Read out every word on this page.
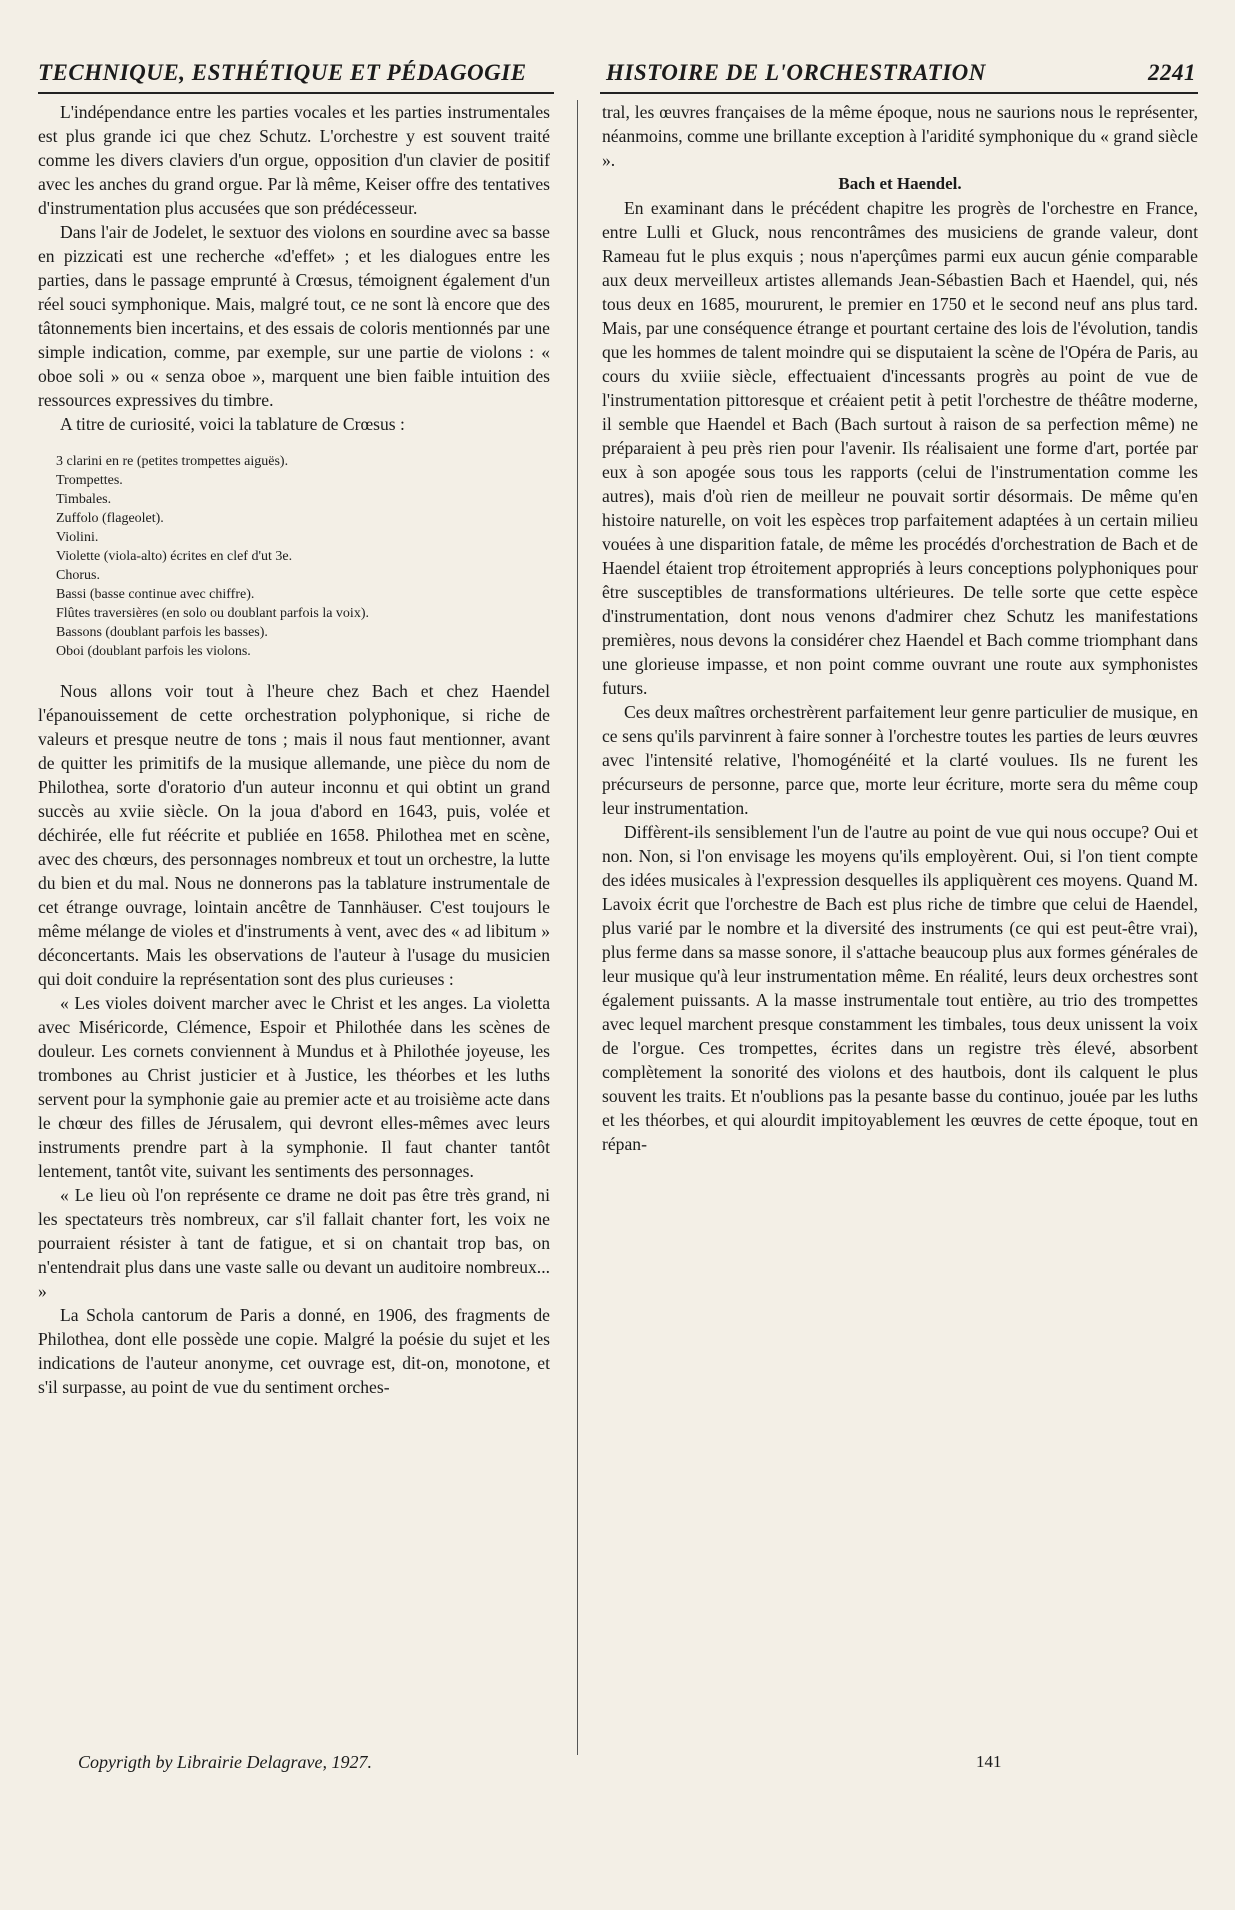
TECHNIQUE, ESTHÉTIQUE ET PÉDAGOGIE	HISTOIRE DE L'ORCHESTRATION	2241

L'indépendance entre les parties vocales et les parties instrumentales est plus grande ici que chez Schutz. L'orchestre y est souvent traité comme les divers claviers d'un orgue, opposition d'un clavier de positif avec les anches du grand orgue. Par là même, Keiser offre des tentatives d'instrumentation plus accusées que son prédécesseur.

Dans l'air de Jodelet, le sextuor des violons en sourdine avec sa basse en pizzicati est une recherche «d'effet» ; et les dialogues entre les parties, dans le passage emprunté à Crœsus, témoignent également d'un réel souci symphonique. Mais, malgré tout, ce ne sont là encore que des tâtonnements bien incertains, et des essais de coloris mentionnés par une simple indication, comme, par exemple, sur une partie de violons : « oboe soli » ou « senza oboe », marquent une bien faible intuition des ressources expressives du timbre.

A titre de curiosité, voici la tablature de Crœsus :

3 clarini en re (petites trompettes aiguës).
Trompettes.
Timbales.
Zuffolo (flageolet).
Violini.
Violette (viola-alto) écrites en clef d'ut 3e.
Chorus.
Bassi (basse continue avec chiffre).
Flûtes traversières (en solo ou doublant parfois la voix).
Bassons (doublant parfois les basses).
Oboi (doublant parfois les violons.

Nous allons voir tout à l'heure chez Bach et chez Haendel l'épanouissement de cette orchestration polyphonique, si riche de valeurs et presque neutre de tons ; mais il nous faut mentionner, avant de quitter les primitifs de la musique allemande, une pièce du nom de Philothea, sorte d'oratorio d'un auteur inconnu et qui obtint un grand succès au xviie siècle. On la joua d'abord en 1643, puis, volée et déchirée, elle fut réécrite et publiée en 1658. Philothea met en scène, avec des chœurs, des personnages nombreux et tout un orchestre, la lutte du bien et du mal. Nous ne donnerons pas la tablature instrumentale de cet étrange ouvrage, lointain ancêtre de Tannhäuser. C'est toujours le même mélange de violes et d'instruments à vent, avec des « ad libitum » déconcertants. Mais les observations de l'auteur à l'usage du musicien qui doit conduire la représentation sont des plus curieuses :

« Les violes doivent marcher avec le Christ et les anges. La violetta avec Miséricorde, Clémence, Espoir et Philothée dans les scènes de douleur. Les cornets conviennent à Mundus et à Philothée joyeuse, les trombones au Christ justicier et à Justice, les théorbes et les luths servent pour la symphonie gaie au premier acte et au troisième acte dans le chœur des filles de Jérusalem, qui devront elles-mêmes avec leurs instruments prendre part à la symphonie. Il faut chanter tantôt lentement, tantôt vite, suivant les sentiments des personnages.

« Le lieu où l'on représente ce drame ne doit pas être très grand, ni les spectateurs très nombreux, car s'il fallait chanter fort, les voix ne pourraient résister à tant de fatigue, et si on chantait trop bas, on n'entendrait plus dans une vaste salle ou devant un auditoire nombreux... »

La Schola cantorum de Paris a donné, en 1906, des fragments de Philothea, dont elle possède une copie. Malgré la poésie du sujet et les indications de l'auteur anonyme, cet ouvrage est, dit-on, monotone, et s'il surpasse, au point de vue du sentiment orches-

tral, les œuvres françaises de la même époque, nous ne saurions nous le représenter, néanmoins, comme une brillante exception à l'aridité symphonique du « grand siècle ».

Bach et Haendel.

En examinant dans le précédent chapitre les progrès de l'orchestre en France, entre Lulli et Gluck, nous rencontrâmes des musiciens de grande valeur, dont Rameau fut le plus exquis ; nous n'aperçûmes parmi eux aucun génie comparable aux deux merveilleux artistes allemands Jean-Sébastien Bach et Haendel, qui, nés tous deux en 1685, moururent, le premier en 1750 et le second neuf ans plus tard. Mais, par une conséquence étrange et pourtant certaine des lois de l'évolution, tandis que les hommes de talent moindre qui se disputaient la scène de l'Opéra de Paris, au cours du xviiie siècle, effectuaient d'incessants progrès au point de vue de l'instrumentation pittoresque et créaient petit à petit l'orchestre de théâtre moderne, il semble que Haendel et Bach (Bach surtout à raison de sa perfection même) ne préparaient à peu près rien pour l'avenir. Ils réalisaient une forme d'art, portée par eux à son apogée sous tous les rapports (celui de l'instrumentation comme les autres), mais d'où rien de meilleur ne pouvait sortir désormais. De même qu'en histoire naturelle, on voit les espèces trop parfaitement adaptées à un certain milieu vouées à une disparition fatale, de même les procédés d'orchestration de Bach et de Haendel étaient trop étroitement appropriés à leurs conceptions polyphoniques pour être susceptibles de transformations ultérieures. De telle sorte que cette espèce d'instrumentation, dont nous venons d'admirer chez Schutz les manifestations premières, nous devons la considérer chez Haendel et Bach comme triomphant dans une glorieuse impasse, et non point comme ouvrant une route aux symphonistes futurs.

Ces deux maîtres orchestrèrent parfaitement leur genre particulier de musique, en ce sens qu'ils parvinrent à faire sonner à l'orchestre toutes les parties de leurs œuvres avec l'intensité relative, l'homogénéité et la clarté voulues. Ils ne furent les précurseurs de personne, parce que, morte leur écriture, morte sera du même coup leur instrumentation.

Diffèrent-ils sensiblement l'un de l'autre au point de vue qui nous occupe? Oui et non. Non, si l'on envisage les moyens qu'ils employèrent. Oui, si l'on tient compte des idées musicales à l'expression desquelles ils appliquèrent ces moyens. Quand M. Lavoix écrit que l'orchestre de Bach est plus riche de timbre que celui de Haendel, plus varié par le nombre et la diversité des instruments (ce qui est peut-être vrai), plus ferme dans sa masse sonore, il s'attache beaucoup plus aux formes générales de leur musique qu'à leur instrumentation même. En réalité, leurs deux orchestres sont également puissants. A la masse instrumentale tout entière, au trio des trompettes avec lequel marchent presque constamment les timbales, tous deux unissent la voix de l'orgue. Ces trompettes, écrites dans un registre très élevé, absorbent complètement la sonorité des violons et des hautbois, dont ils calquent le plus souvent les traits. Et n'oublions pas la pesante basse du continuo, jouée par les luths et les théorbes, et qui alourdit impitoyablement les œuvres de cette époque, tout en répan-

Copyrigth by Librairie Delagrave, 1927.	141
